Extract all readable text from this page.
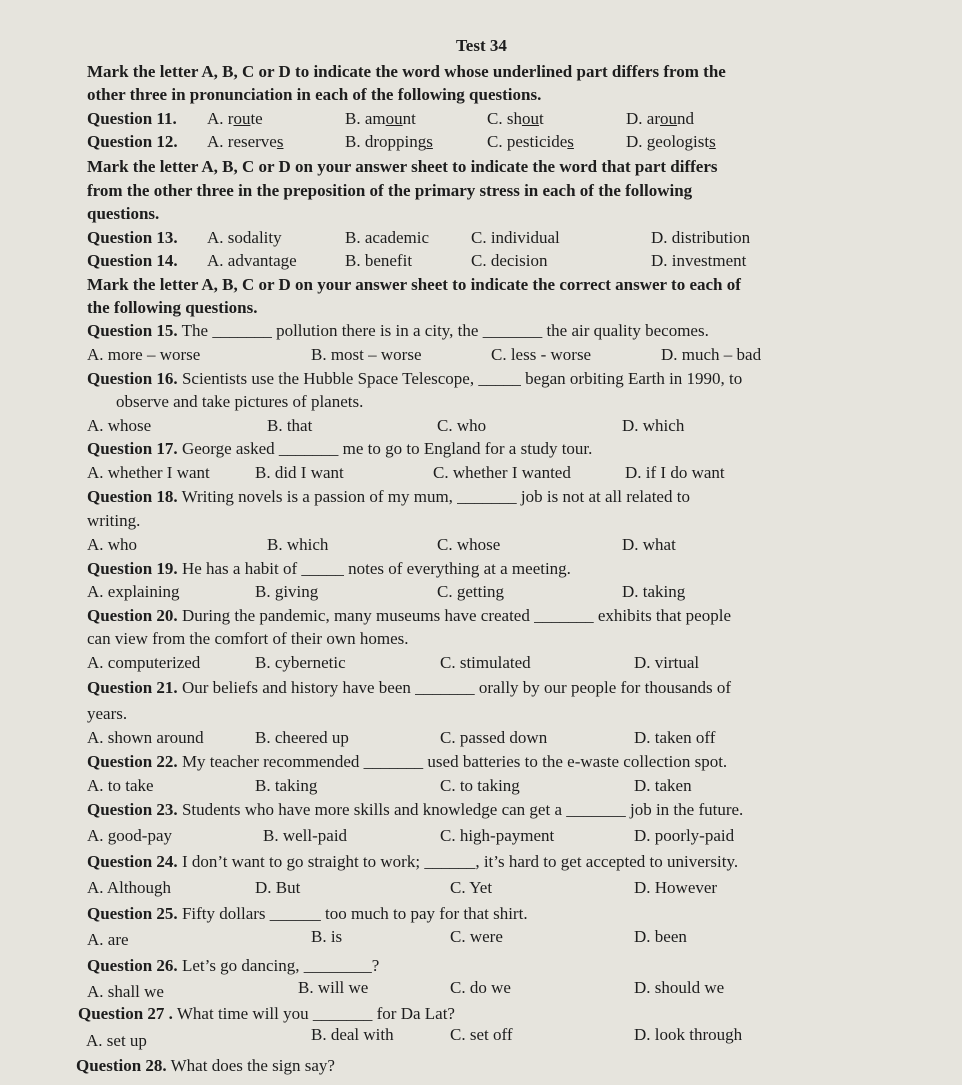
Test 34
Mark the letter A, B, C or D to indicate the word whose underlined part differs from the
other three in pronunciation in each of the following questions.
Question 11. A. route	B. amount	C. shout	D. around
Question 12. A. reserves	B. droppings	C. pesticides	D. geologists
Mark the letter A, B, C or D on your answer sheet to indicate the word that part differs
from the other three in the preposition of the primary stress in each of the following
questions.
Question 13. A. sodality	B. academic C. individual	D. distribution
Question 14. A. advantage	B. benefit	C. decision	D. investment
Mark the letter A, B, C or D on your answer sheet to indicate the correct answer to each of
the following questions.
Question 15. The _______ pollution there is in a city, the _______ the air quality becomes.
A. more – worse	B. most – worse	C. less - worse	D. much – bad
Question 16. Scientists use the Hubble Space Telescope, _____ began orbiting Earth in 1990, to
observe and take pictures of planets.
A. whose	B. that	C. who	D. which
Question 17. George asked _______ me to go to England for a study tour.
A. whether I want	B. did I want	C. whether I wanted	D. if I do want
Question 18. Writing novels is a passion of my mum, _______ job is not at all related to
writing.
A. who	B. which	C. whose	D. what
Question 19. He has a habit of _____ notes of everything at a meeting.
A. explaining	B. giving	C. getting	D. taking
Question 20. During the pandemic, many museums have created _______ exhibits that people
can view from the comfort of their own homes.
A. computerized	B. cybernetic	C. stimulated	D. virtual
Question 21. Our beliefs and history have been _______ orally by our people for thousands of
years.
A. shown around	B. cheered up	C. passed down	D. taken off
Question 22. My teacher recommended _______ used batteries to the e-waste collection spot.
A. to take	B. taking	C. to taking	D. taken
Question 23. Students who have more skills and knowledge can get a _______ job in the future.
A. good-pay	B. well-paid	C. high-payment	D. poorly-paid
Question 24. I don’t want to go straight to work; ______, it’s hard to get accepted to university.
A. Although	D. But	C. Yet	D. However
Question 25. Fifty dollars ______ too much to pay for that shirt.
A. are	B. is	C. were	D. been
Question 26. Let’s go dancing, ________?
A. shall we	B. will we	C. do we	D. should we
Question 27 . What time will you _______ for Da Lat?
A. set up	B. deal with	C. set off	D. look through
Question 28. What does the sign say?
